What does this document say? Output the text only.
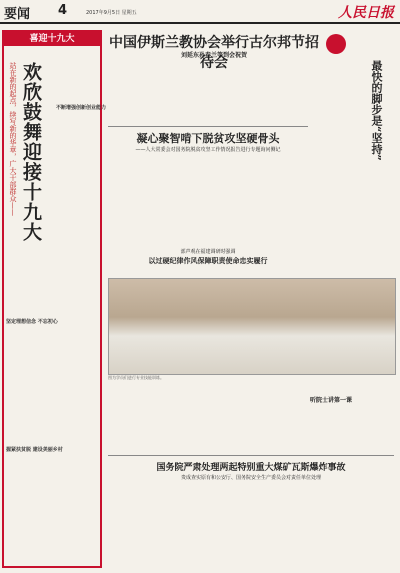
要闻 4	2017年9月5日 星期五	人民日报
喜迎十九大
欢欣鼓舞迎接十九大
站在新的起点，续写新的华章，广大干部群众——	不断增强创新创业能力
坚定理想信念 不忘初心
握紧扶贫脱 建设美丽乡村
中国伊斯兰教协会举行古尔邦节招待会
刘延东孙春兰等到会祝贺
最快的脚步是“坚持”
凝心聚智啃下脱贫攻坚硬骨头
——人大常委会对国务院脱贫攻坚工作情况报告进行专题询问侧记
部声观在福建调研时强调
以过硬纪律作风保障职责使命忠实履行
图为学员们进行专业技能训练。
听院士讲第一课
国务院严肃处理两起特别重大煤矿瓦斯爆炸事故
贵成查实原有和公安厅、国务院安全生产委员会对责任单位处理
